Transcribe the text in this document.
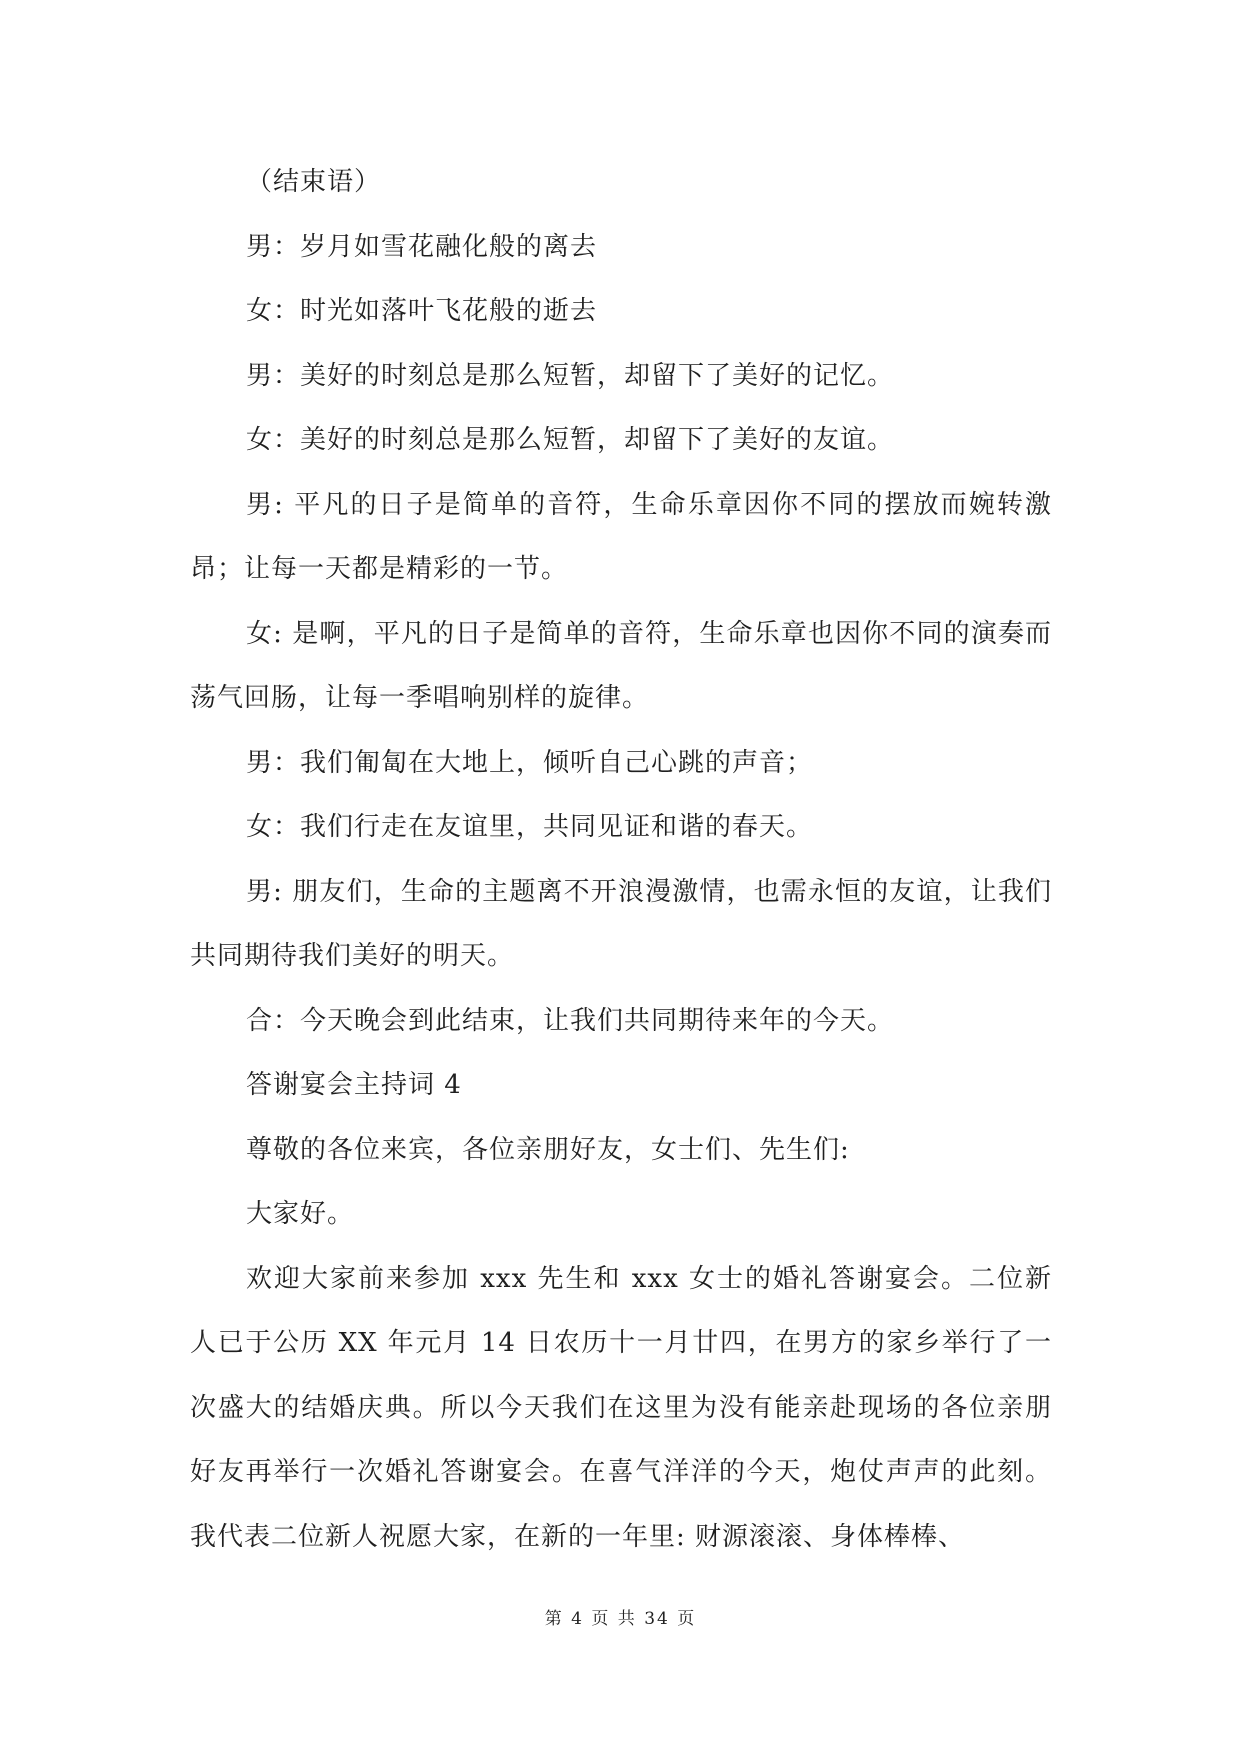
（结束语）

男：岁月如雪花融化般的离去

女：时光如落叶飞花般的逝去

男：美好的时刻总是那么短暂，却留下了美好的记忆。

女：美好的时刻总是那么短暂，却留下了美好的友谊。

男: 平凡的日子是简单的音符，生命乐章因你不同的摆放而婉转激昂；让每一天都是精彩的一节。

女: 是啊，平凡的日子是简单的音符，生命乐章也因你不同的演奏而荡气回肠，让每一季唱响别样的旋律。

男：我们匍匐在大地上，倾听自己心跳的声音；

女：我们行走在友谊里，共同见证和谐的春天。

男: 朋友们，生命的主题离不开浪漫激情，也需永恒的友谊，让我们共同期待我们美好的明天。

合：今天晚会到此结束，让我们共同期待来年的今天。

答谢宴会主持词 4

尊敬的各位来宾，各位亲朋好友，女士们、先生们:

大家好。

欢迎大家前来参加 xxx 先生和 xxx 女士的婚礼答谢宴会。二位新人已于公历 XX 年元月 14 日农历十一月廿四，在男方的家乡举行了一次盛大的结婚庆典。所以今天我们在这里为没有能亲赴现场的各位亲朋好友再举行一次婚礼答谢宴会。在喜气洋洋的今天，炮仗声声的此刻。我代表二位新人祝愿大家，在新的一年里: 财源滚滚、身体棒棒、

第 4 页 共 34 页
